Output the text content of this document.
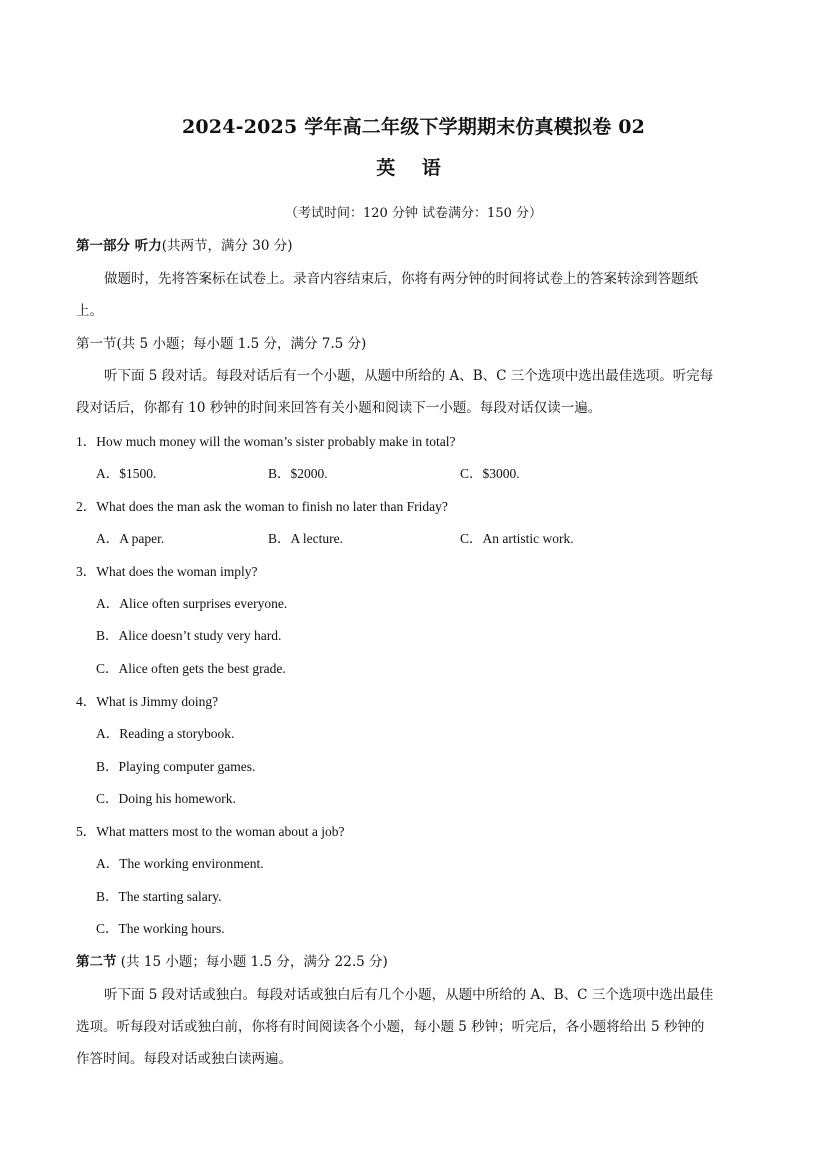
2024-2025 学年高二年级下学期期末仿真模拟卷 02
英 语
（考试时间：120 分钟 试卷满分：150 分）
第一部分 听力(共两节，满分 30 分)
做题时，先将答案标在试卷上。录音内容结束后，你将有两分钟的时间将试卷上的答案转涂到答题纸
上。
第一节(共 5 小题；每小题 1.5 分，满分 7.5 分)
听下面 5 段对话。每段对话后有一个小题，从题中所给的 A、B、C 三个选项中选出最佳选项。听完每
段对话后，你都有 10 秒钟的时间来回答有关小题和阅读下一小题。每段对话仅读一遍。
1．How much money will the woman’s sister probably make in total?
A．$1500.	B．$2000.	C．$3000.
2．What does the man ask the woman to finish no later than Friday?
A．A paper.	B．A lecture.	C．An artistic work.
3．What does the woman imply?
A．Alice often surprises everyone.
B．Alice doesn’t study very hard.
C．Alice often gets the best grade.
4．What is Jimmy doing?
A．Reading a storybook.
B．Playing computer games.
C．Doing his homework.
5．What matters most to the woman about a job?
A．The working environment.
B．The starting salary.
C．The working hours.
第二节 (共 15 小题；每小题 1.5 分，满分 22.5 分)
听下面 5 段对话或独白。每段对话或独白后有几个小题，从题中所给的 A、B、C 三个选项中选出最佳
选项。听每段对话或独白前，你将有时间阅读各个小题，每小题 5 秒钟；听完后，各小题将给出 5 秒钟的
作答时间。每段对话或独白读两遍。
